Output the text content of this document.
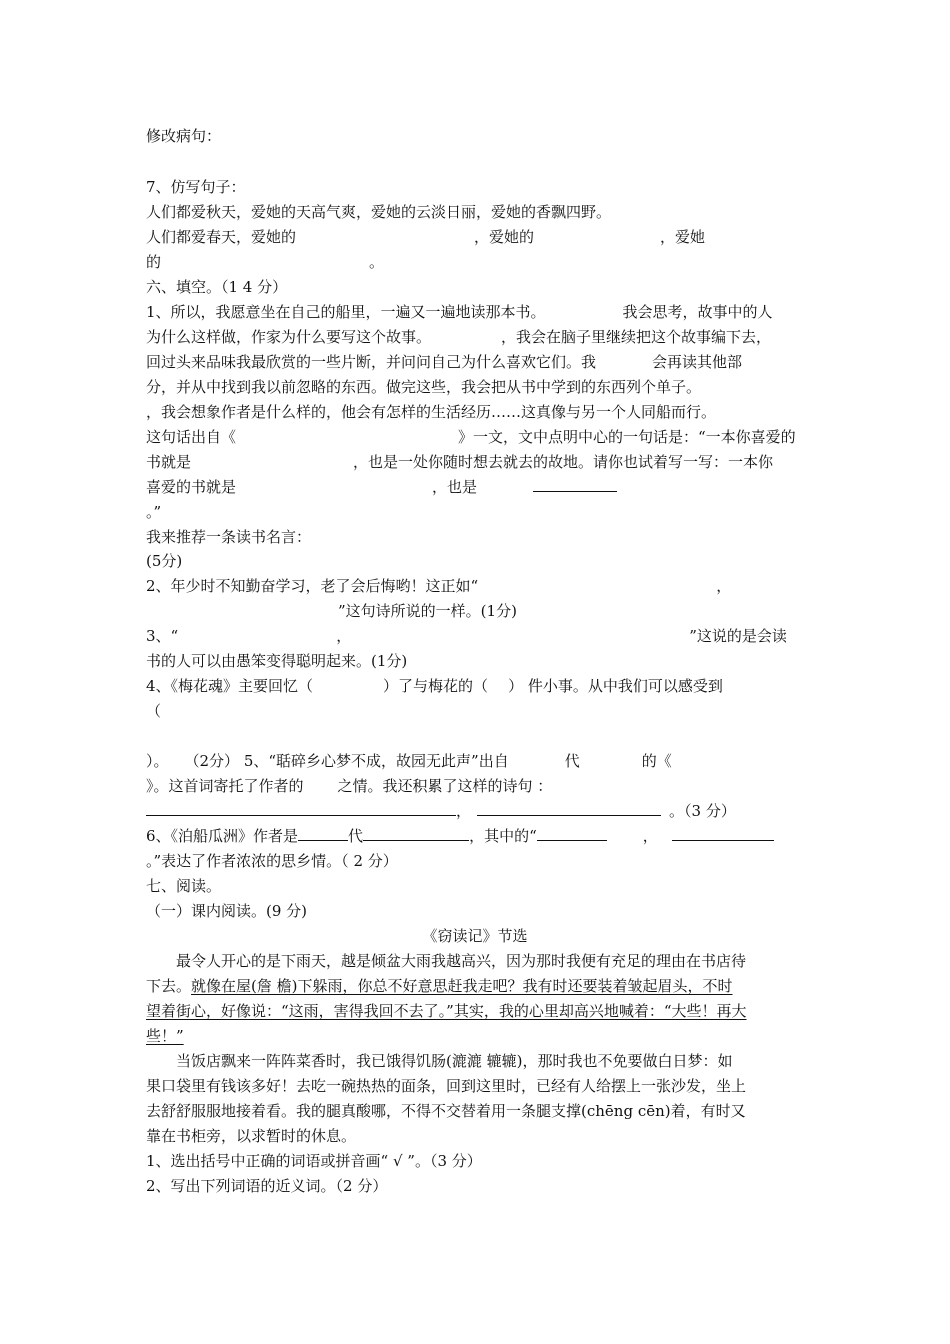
修改病句：
7、仿写句子：
人们都爱秋天，爱她的天高气爽，爱她的云淡日丽，爱她的香飘四野。
人们都爱春天，爱她的	，爱她的	，爱她
的	。
六、填空。（1 4 分）
1、所以，我愿意坐在自己的船里，一遍又一遍地读那本书。	我会思考，故事中的人
为什么这样做，作家为什么要写这个故事。	，我会在脑子里继续把这个故事编下去，
回过头来品味我最欣赏的一些片断，并问问自己为什么喜欢它们。我	会再读其他部
分，并从中找到我以前忽略的东西。做完这些，我会把从书中学到的东西列个单子。
，我会想象作者是什么样的，他会有怎样的生活经历……这真像与另一个人同船而行。
这句话出自《	》一文，文中点明中心的一句话是：“一本你喜爱的
书就是	，也是一处你随时想去就去的故地。请你也试着写一写：一本你
喜爱的书就是	，也是
。”
我来推荐一条读书名言：
(5分)
2、年少时不知勤奋学习，老了会后悔哟！这正如“	，
”这句诗所说的一样。(1分)
3、“	，	”这说的是会读
书的人可以由愚笨变得聪明起来。(1分)
4、《梅花魂》主要回忆（	）了与梅花的（ ） 件小事。从中我们可以感受到
（
）。 （2分） 5、“聒碎乡心梦不成，故园无此声”出自	代	的《
》。这首词寄托了作者的 之情。我还积累了这样的诗句 ：
，	。（3 分）
6、《泊船瓜洲》作者是	代	，其中的“	，
。”表达了作者浓浓的思乡情。（ 2 分）
七、阅读。
（一）课内阅读。(9 分)
《窃读记》节选
最令人开心的是下雨天，越是倾盆大雨我越高兴，因为那时我便有充足的理由在书店待
下去。就像在屋(詹 檐)下躲雨，你总不好意思赶我走吧？我有时还要装着皱起眉头，不时
望着街心，好像说：“这雨，害得我回不去了。”其实，我的心里却高兴地喊着：“大些！再大
些！”
当饭店飘来一阵阵菜香时，我已饿得饥肠(漉漉 辘辘)，那时我也不免要做白日梦：如
果口袋里有钱该多好！去吃一碗热热的面条，回到这里时，已经有人给摆上一张沙发，坐上
去舒舒服服地接着看。我的腿真酸哪，不得不交替着用一条腿支撑(chēng cēn)着，有时又
靠在书柜旁，以求暂时的休息。
1、选出括号中正确的词语或拼音画“ √ ”。（3 分）
2、写出下列词语的近义词。（2 分）
